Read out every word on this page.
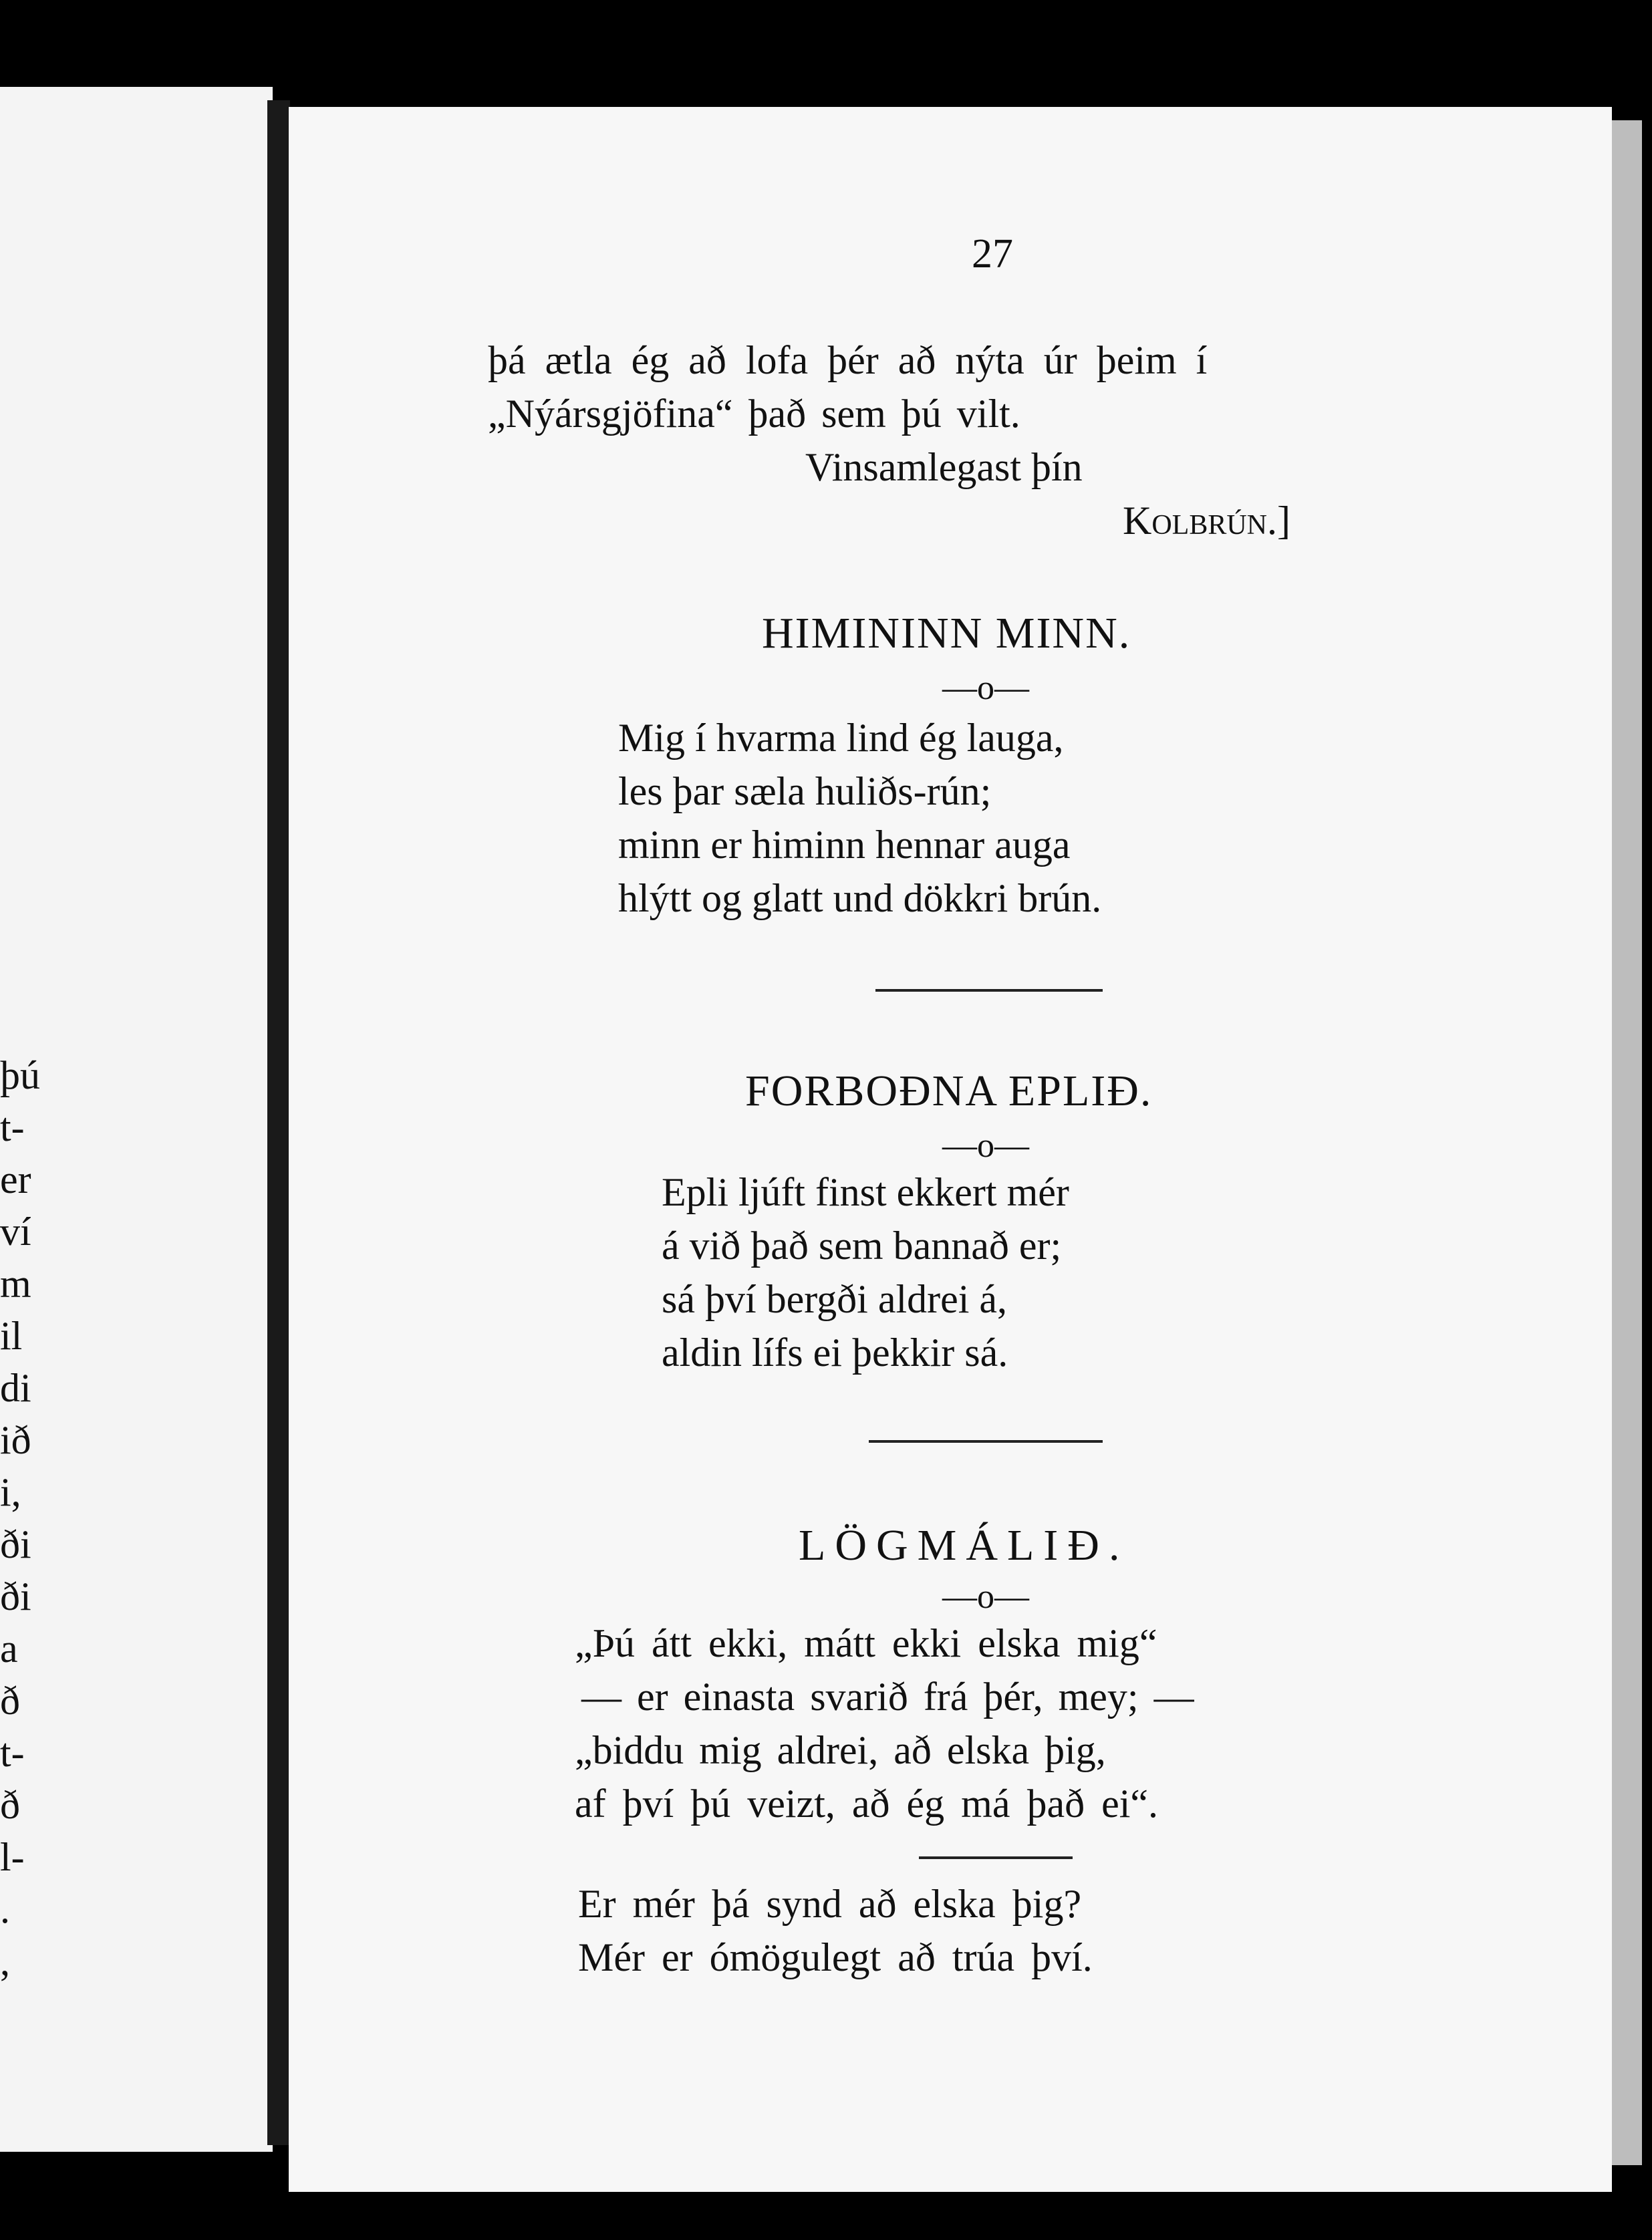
þú
t-
er
ví
m
il
di
ið
i,
ði
ði
a
ð
t-
ð
l-
.
,
27
þá ætla ég að lofa þér að nýta úr þeim í
„Nýársgjöfina“ það sem þú vilt.
Vinsamlegast þín
Kolbrún.]
HIMININN MINN.
—o—
Mig í hvarma lind ég lauga,
les þar sæla huliðs-rún;
minn er himinn hennar auga
hlýtt og glatt und dökkri brún.
FORBOÐNA EPLIÐ.
—o—
Epli ljúft finst ekkert mér
á við það sem bannað er;
sá því bergði aldrei á,
aldin lífs ei þekkir sá.
LÖGMÁLIÐ.
—o—
„Þú átt ekki, mátt ekki elska mig“
— er einasta svarið frá þér, mey; —
„biddu mig aldrei, að elska þig,
af því þú veizt, að ég má það ei“.
Er mér þá synd að elska þig?
Mér er ómögulegt að trúa því.
